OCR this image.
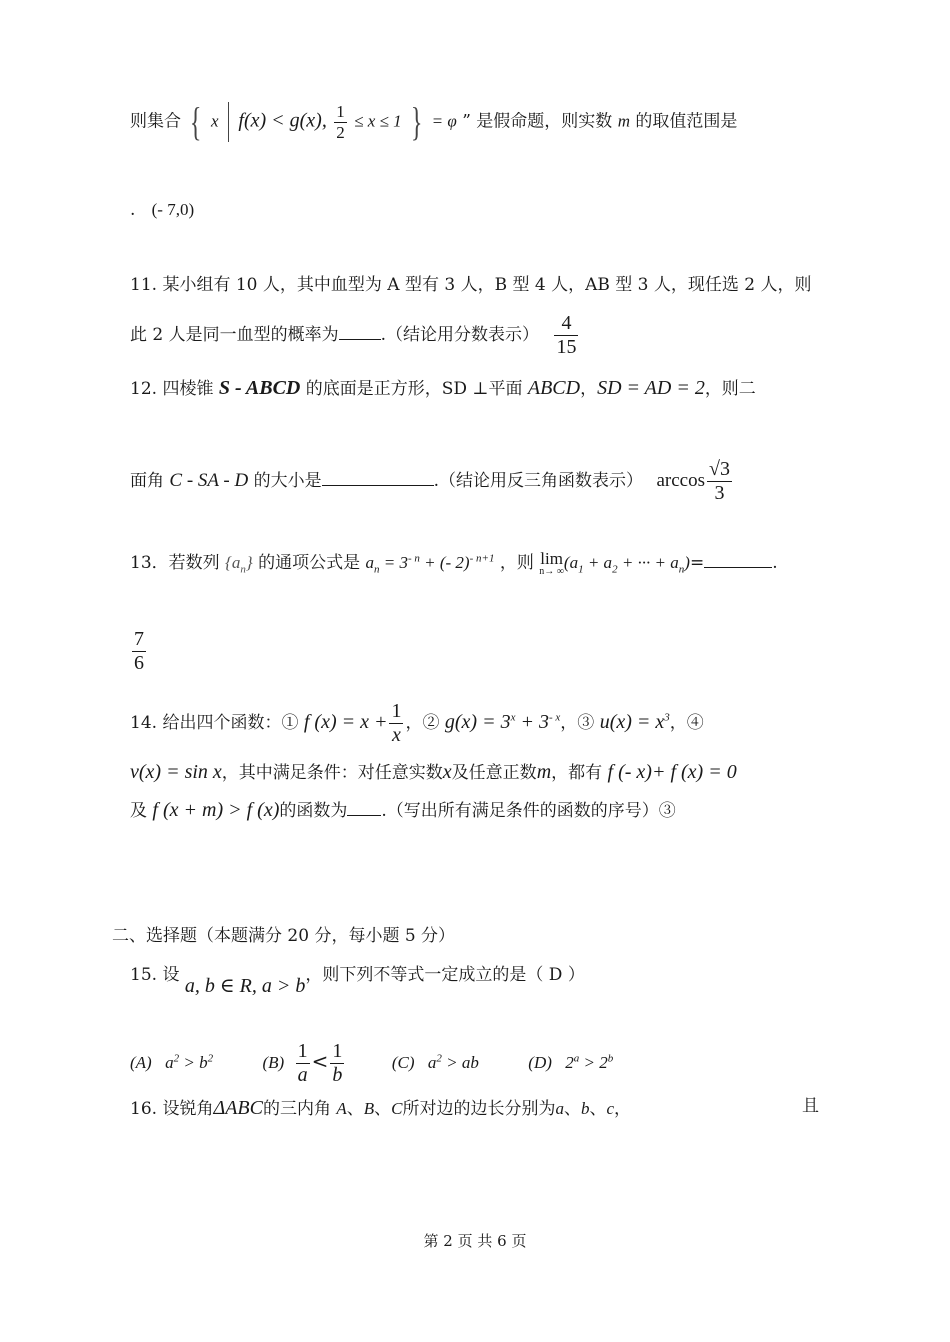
则集合 { x f(x) < g(x), $\frac{1}{2} \le x \le 1$ } = φ ” 是假命题，则实数 m 的取值范围是
. (- 7,0)
11. 某小组有 10 人，其中血型为 A 型有 3 人，B 型 4 人，AB 型 3 人，现任选 2 人，则
此 2 人是同一血型的概率为 .（结论用分数表示） $\frac{4}{15}$
12. 四棱锥 S - ABCD 的底面是正方形，SD ⊥平面 ABCD，SD = AD = 2，则二
面角 C - SA - D 的大小是	.（结论用反三角函数表示） $\arccos \frac{√3}{3}$
13．若数列 $\{a_n\}$ 的通项公式是 $a_n = 3^{- n}$ + (- 2)$^{- n+1}$ ，则 lim
n→ ∞ ($a_1 + a_2$ + ··· + $a_n)=$	.
$\frac{7}{6}$
14. 给出四个函数：① f $(x) = x + \frac{1}{x}$ ，② $g(x) = 3^x + 3^{- x}$，③ $u(x) = x^3$，④
v(x) = sin x，其中满足条件：对任意实数x及任意正数m，都有 f (- x)+ f (x) = 0
及 f (x + m) > f (x)的函数为 .（写出所有满足条件的函数的序号）③
二、选择题（本题满分 20 分，每小题 5 分）
15. 设 a, b ∈ R, a > b，则下列不等式一定成立的是（ D ）
(A) $a^2 > b^2$	$(B) \frac{1}{a} < \frac{1}{b}$	(C) $a^2$ > ab	(D) $2^a > 2^b$
16. 设锐角ΔABC的三内角 A、B、C所对边的边长分别为a、b、c，	且
第 2 页 共 6 页
